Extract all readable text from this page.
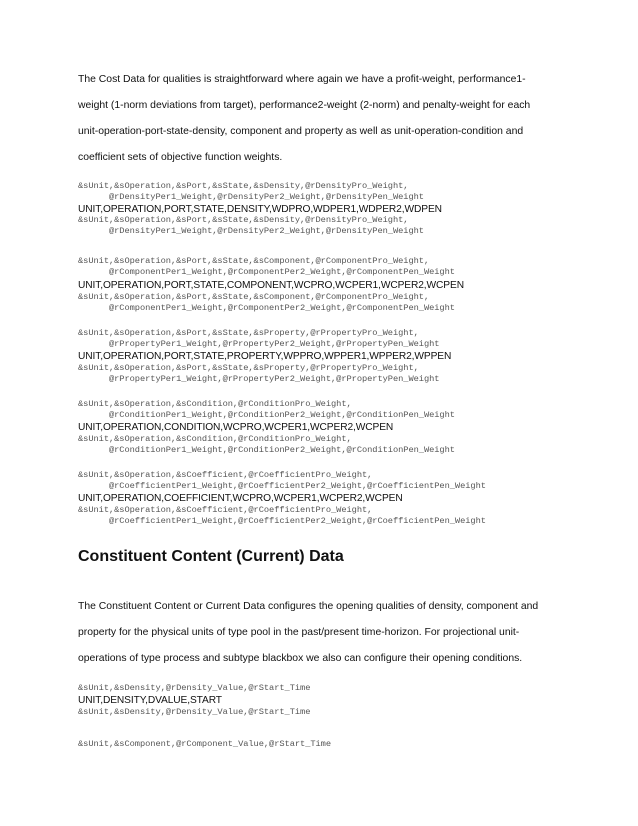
The Cost Data for qualities is straightforward where again we have a profit-weight, performance1-

weight (1-norm deviations from target), performance2-weight (2-norm) and penalty-weight for each

unit-operation-port-state-density, component and property as well as unit-operation-condition and

coefficient sets of objective function weights.

&sUnit,&sOperation,&sPort,&sState,&sDensity,@rDensityPro_Weight,
@rDensityPer1_Weight,@rDensityPer2_Weight,@rDensityPen_Weight

UNIT,OPERATION,PORT,STATE,DENSITY,WDPRO,WDPER1,WDPER2,WDPEN

&sUnit,&sOperation,&sPort,&sState,&sDensity,@rDensityPro_Weight,
@rDensityPer1_Weight,@rDensityPer2_Weight,@rDensityPen_Weight
&sUnit,&sOperation,&sPort,&sState,&sComponent,@rComponentPro_Weight,
@rComponentPer1_Weight,@rComponentPer2_Weight,@rComponentPen_Weight

UNIT,OPERATION,PORT,STATE,COMPONENT,WCPRO,WCPER1,WCPER2,WCPEN

&sUnit,&sOperation,&sPort,&sState,&sComponent,@rComponentPro_Weight,
@rComponentPer1_Weight,@rComponentPer2_Weight,@rComponentPen_Weight
&sUnit,&sOperation,&sPort,&sState,&sProperty,@rPropertyPro_Weight,
@rPropertyPer1_Weight,@rPropertyPer2_Weight,@rPropertyPen_Weight

UNIT,OPERATION,PORT,STATE,PROPERTY,WPPRO,WPPER1,WPPER2,WPPEN

&sUnit,&sOperation,&sPort,&sState,&sProperty,@rPropertyPro_Weight,
@rPropertyPer1_Weight,@rPropertyPer2_Weight,@rPropertyPen_Weight
&sUnit,&sOperation,&sCondition,@rConditionPro_Weight,
@rConditionPer1_Weight,@rConditionPer2_Weight,@rConditionPen_Weight

UNIT,OPERATION,CONDITION,WCPRO,WCPER1,WCPER2,WCPEN

&sUnit,&sOperation,&sCondition,@rConditionPro_Weight,
@rConditionPer1_Weight,@rConditionPer2_Weight,@rConditionPen_Weight
&sUnit,&sOperation,&sCoefficient,@rCoefficientPro_Weight,
@rCoefficientPer1_Weight,@rCoefficientPer2_Weight,@rCoefficientPen_Weight

UNIT,OPERATION,COEFFICIENT,WCPRO,WCPER1,WCPER2,WCPEN

&sUnit,&sOperation,&sCoefficient,@rCoefficientPro_Weight,
@rCoefficientPer1_Weight,@rCoefficientPer2_Weight,@rCoefficientPen_Weight
Constituent Content (Current) Data

The Constituent Content or Current Data configures the opening qualities of density, component and

property for the physical units of type pool in the past/present time-horizon. For projectional unit-

operations of type process and subtype blackbox we also can configure their opening conditions.

&sUnit,&sDensity,@rDensity_Value,@rStart_Time

UNIT,DENSITY,DVALUE,START

&sUnit,&sDensity,@rDensity_Value,@rStart_Time
&sUnit,&sComponent,@rComponent_Value,@rStart_Time
